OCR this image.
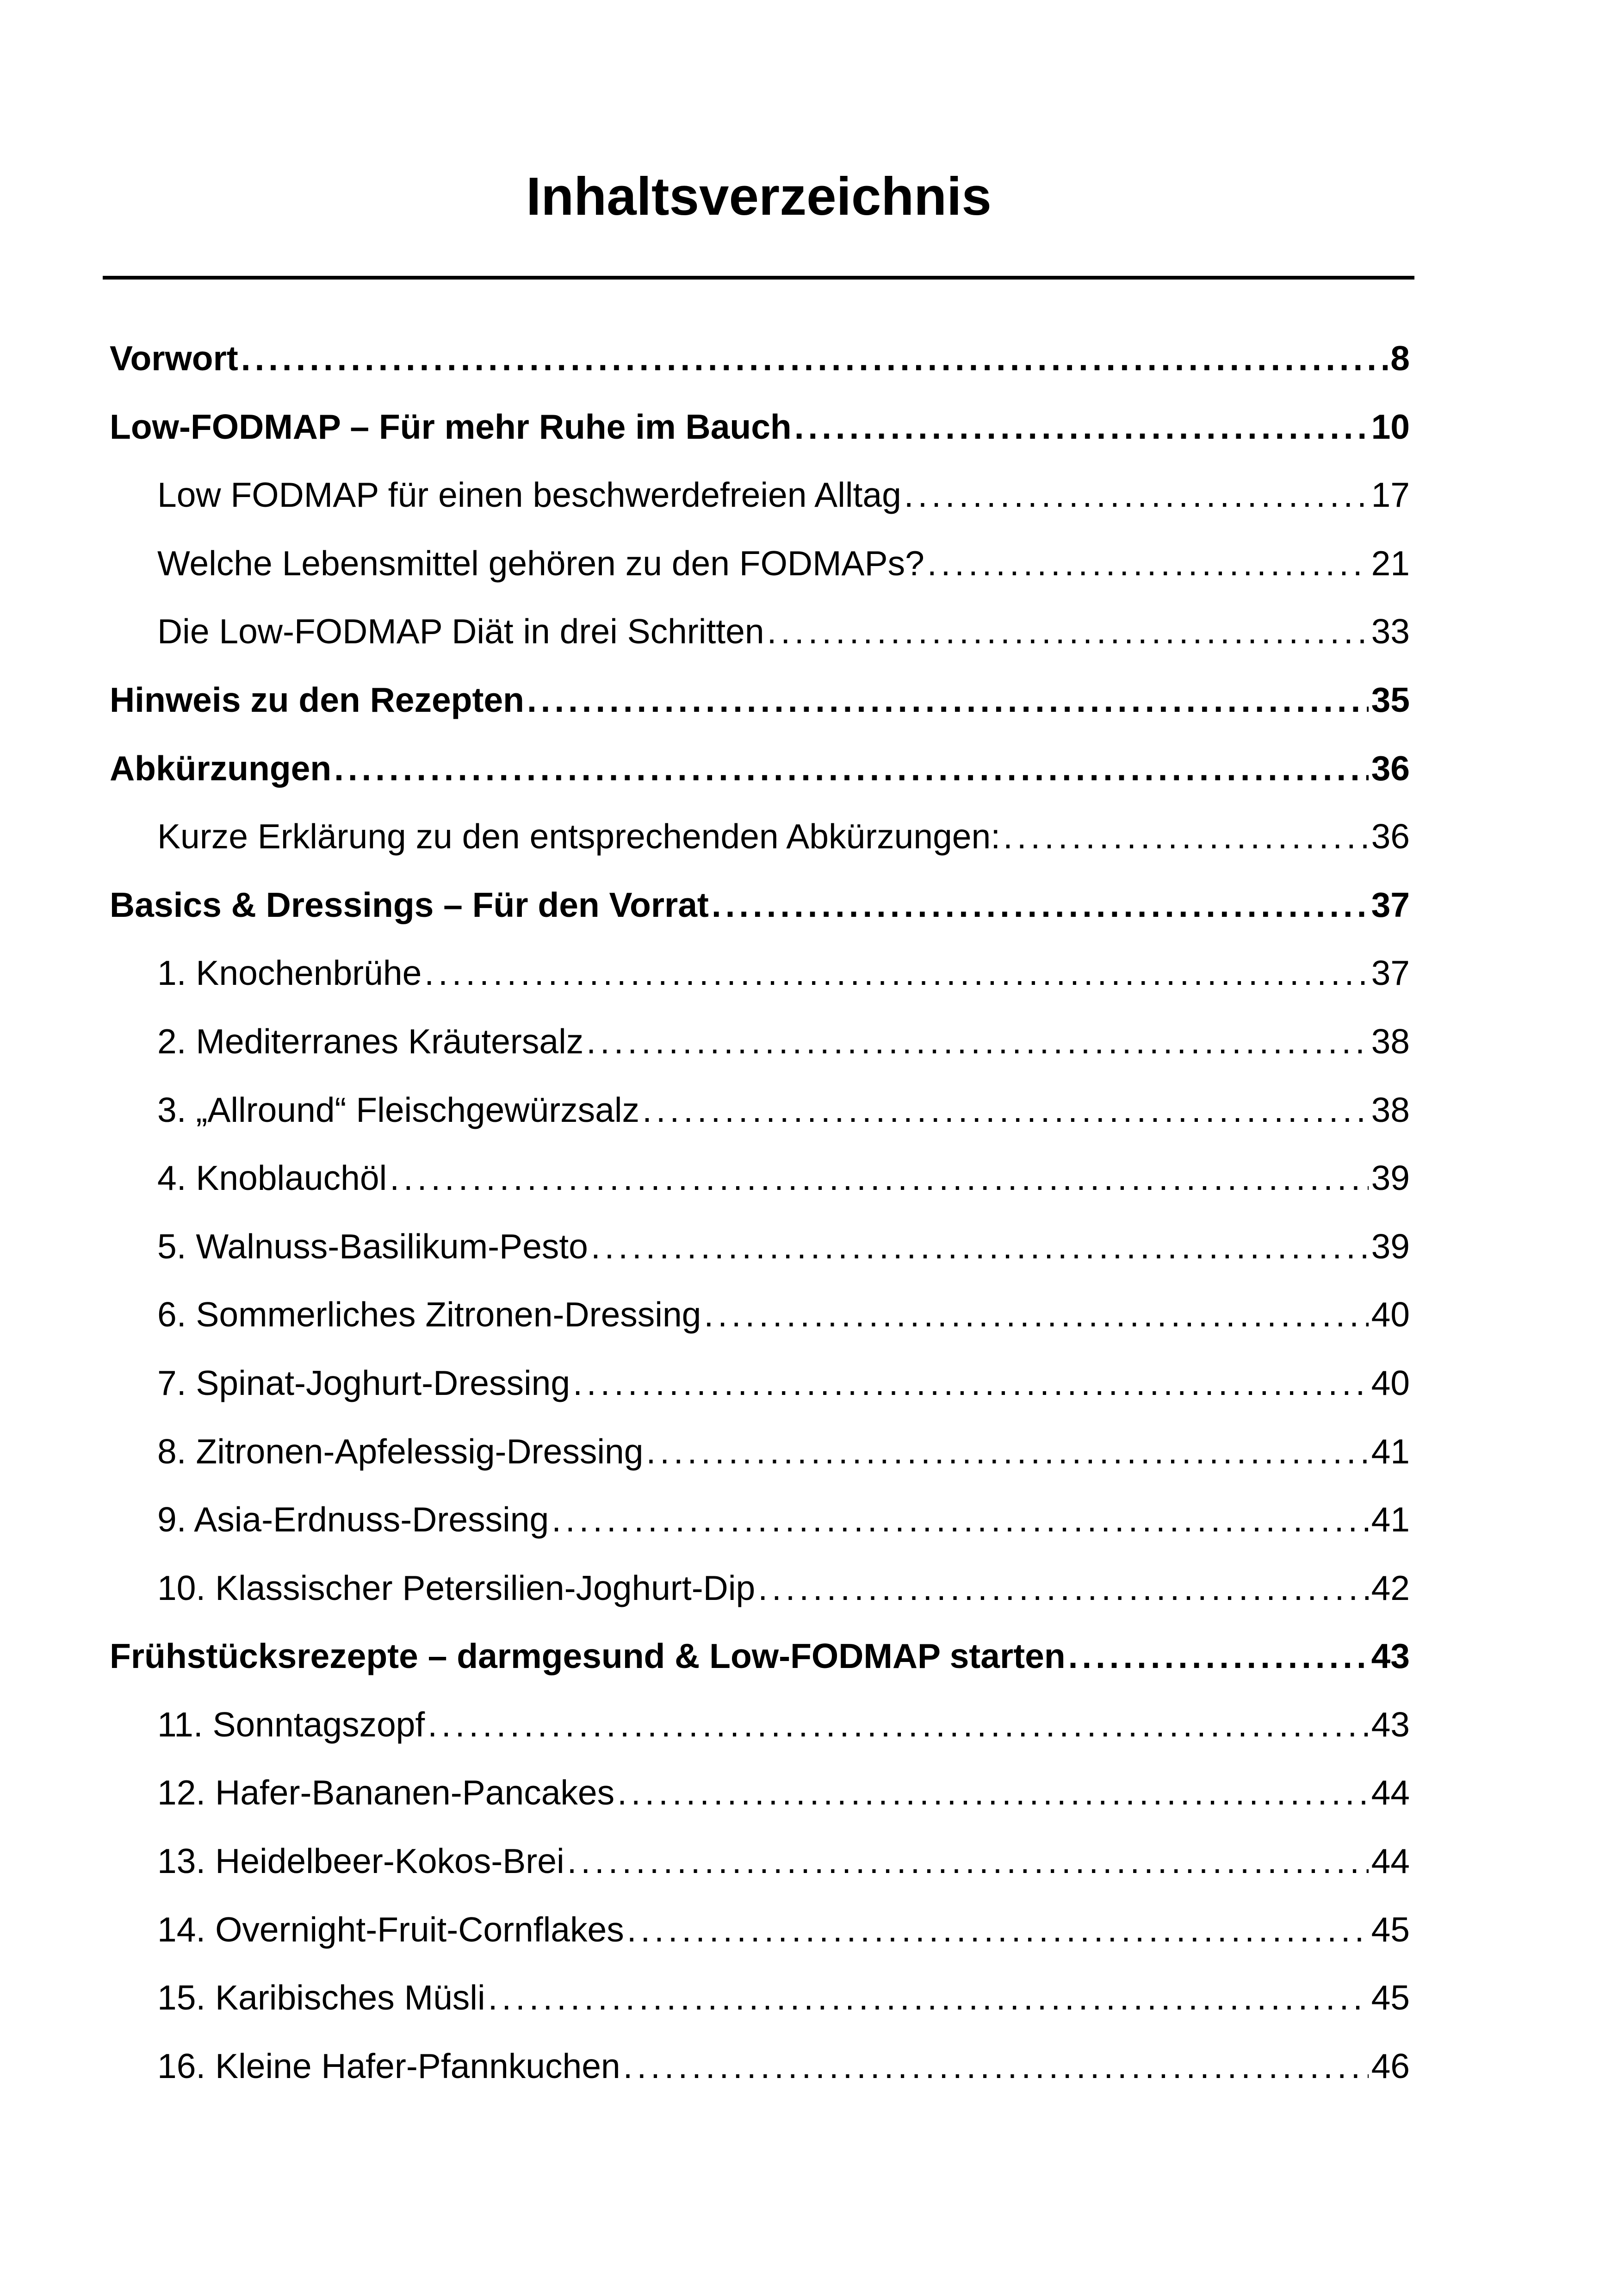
Inhaltsverzeichnis
Vorwort . . .	8
Low-FODMAP – Für mehr Ruhe im Bauch . . .	10
Low FODMAP für einen beschwerdefreien Alltag . . .	17
Welche Lebensmittel gehören zu den FODMAPs? . . .	21
Die Low-FODMAP Diät in drei Schritten . . .	33
Hinweis zu den Rezepten . . .	35
Abkürzungen . . .	36
Kurze Erklärung zu den entsprechenden Abkürzungen: . . .	36
Basics & Dressings – Für den Vorrat . . .	37
1. Knochenbrühe . . .	37
2. Mediterranes Kräutersalz . . .	38
3. „Allround“ Fleischgewürzsalz . . .	38
4. Knoblauchöl . . .	39
5. Walnuss-Basilikum-Pesto . . .	39
6. Sommerliches Zitronen-Dressing . . .	40
7. Spinat-Joghurt-Dressing . . .	40
8. Zitronen-Apfelessig-Dressing . . .	41
9. Asia-Erdnuss-Dressing . . .	41
10. Klassischer Petersilien-Joghurt-Dip . . .	42
Frühstücksrezepte – darmgesund & Low-FODMAP starten . . .	43
11. Sonntagszopf . . .	43
12. Hafer-Bananen-Pancakes . . .	44
13. Heidelbeer-Kokos-Brei . . .	44
14. Overnight-Fruit-Cornflakes . . .	45
15. Karibisches Müsli . . .	45
16. Kleine Hafer-Pfannkuchen . . .	46
